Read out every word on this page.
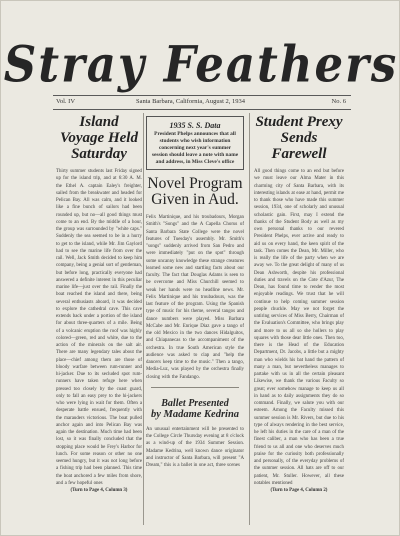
Stray Feathers
Vol. IV	Santa Barbara, California, August 2, 1934	No. 6
Island Voyage Held Saturday
Thirty summer students last Friday signed up for the island trip, and at 6:30 A. M. the Ethel A. captain Ealey's freighter, sailed from the breakwater and headed for Pelican Bay. All was calm, and it looked like a fine bunch of sailors had been rounded up, but no—all good things must come to an end. By the middle of a hour, the group was surrounded by "white caps." Suddenly the sea seemed to be in a hurry to get to the island, while Mr. Jim Gaylord had to see the marine life from over the rail. Well, Jack Smith decided to keep him company, being a genial sort of gentleman, but before long, practically everyone had answered a definite interest in this peculiar marine life—just over the rail. Finally the boat reached the island and there, being several enthusiasts aboard, it was decided to explore the cathedral cave. This cave extends back under a portion of the island for about three-quarters of a mile. Being of a volcanic eruption the roof was highly colored—green, red and white, due to the action of the minerals on the salt air. There are many legendary tales about the place—chief among them are those of bloody warfare between rum-runner and hi-jacker. Due to its secluded spot rum-runners have taken refuge here when pressed too closely by the coast guard, only to fall an easy prey to the hi-jackers who were lying in wait for them. Often a desperate battle ensued, frequently with the marauders victorious. The boat pulled anchor again and into Pelican Bay was again the destination. Much time had been lost, so it was finally concluded that the stopping place would be Frey's Harbor for lunch. For some reason or other no one seemed hungry, but it was not long before a fishing trip had been planned. This time the boat anchored a few miles from shore, and a few hopeful ones
(Turn to Page 4, Column 3)
1935 S. S. Data
President Phelps announces that all students who wish information concerning next year's summer session should leave a note with name and address, in Miss Cleve's office
Novel Program Given in Aud.
Felix Martinique, and his troubadours, Morgan Smith's "Songs" and the A Capella Chorus of Santa Barbara State College were the novel features of Tuesday's assembly. Mr. Smith's "songs" suddenly arrived from San Pedro and were immediately "put on the spot" through some uncanny knowledge these strange creatures learned some new and startling facts about our faculty. The fact that Douglas Adams is seen to be overcome and Miss Churchill seemed to weak her hands were no headline news. Mr. Felix Martinique and his troubadours, was the last feature of the program. Using the Spanish type of music for his theme, several tangos and dance numbers were played. Miss Barbara McCabe and Mr. Enrique Diaz gave a tango of the old Mexico in the two dances Hidalguitos, and Chiapanecas to the accompaniment of the orchestra. In true South American style the audience was asked to clap and "help the dancers keep time to the music." Then a tango, Media-Luz, was played by the orchestra finally closing with the Fandango.
Ballet Presented
by Madame Kedrina
An unusual entertainment will be presented to the College Circle Thursday evening at 8 o'clock as a wind-up of the 1934 Summer Session. Madame Kedrina, well known dance originator and instructor of Santa Barbara, will present "A Dream," this is a ballet in one act, three scenes
Student Prexy Sends Farewell
All good things come to an end but before we must leave our Alma Mater in this charming city of Santa Barbara, with its interesting islands at ease at hand, permit me to thank those who have made this summer session, 1934, one of scholarly and unusual scholastic gain. First, may I extend the thanks of the Student Body as well as my own personal thanks to our revered President Phelps, ever active and ready to aid us on every hand, the keen spirit of the task. Then comes the Dean, Mr. Miller, who is really the life of the party when we are away we. To the great delight of many of us Dean Ashworth, despite his professional duties and travels on the Cote d'Azur, The Dean, has found time to render the most enjoyable readings. We trust that he will continue to help coming summer session people chuckle. May we not forget the untiring services of Miss Berry, Chairman of the Evaluation's Committee, who brings play and more to us all so she hollers to play squares with those dear little ones. Then too, there is the Head of the Education Department, Dr. Jacobs, a little but a mighty man who wields his bat hand the pattern of many a man, but nevertheless manages to partake with us in all the certain pleasant Likewise, we thank the various Faculty so great; ever somehow manage to keep us all in hand as to daily assignments they do so command. Finally, we salute you with our esteem. Among the Faculty missed this summer session is Mr. Rivers, but due to his type of always rendering in the best service, he left his duties in the care of a man of the finest caliber, a man who has been a true friend to us all and one who deserves much praise for the curiosity both professionally and personally, of the everyday problems of the summer session. All hats are off to our patient, Mr. Stuller. However, all these notables mentioned
(Turn to Page 4, Column 2)
